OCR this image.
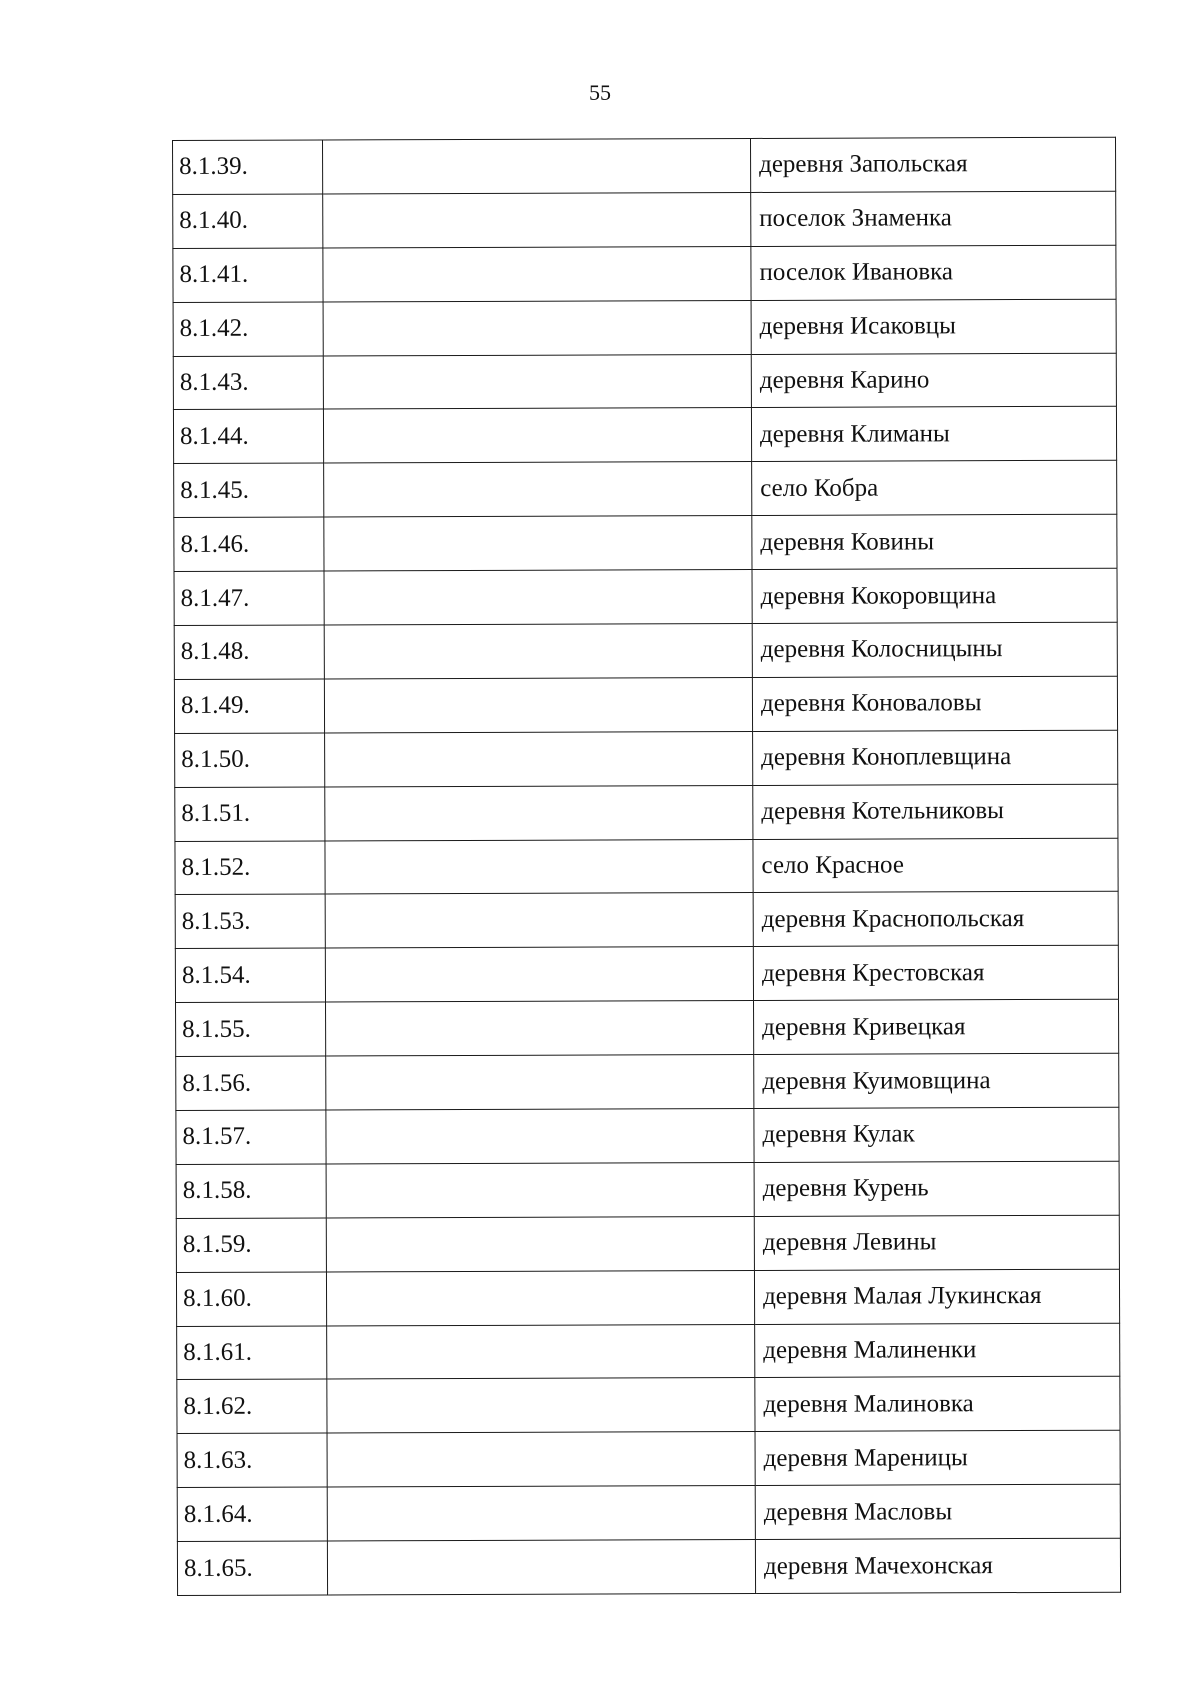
55
8.1.39.		деревня Запольская
8.1.40.		поселок Знаменка
8.1.41.		поселок Ивановка
8.1.42.		деревня Исаковцы
8.1.43.		деревня Карино
8.1.44.		деревня Климаны
8.1.45.		село Кобра
8.1.46.		деревня Ковины
8.1.47.		деревня Кокоровщина
8.1.48.		деревня Колосницыны
8.1.49.		деревня Коноваловы
8.1.50.		деревня Коноплевщина
8.1.51.		деревня Котельниковы
8.1.52.		село Красное
8.1.53.		деревня Краснопольская
8.1.54.		деревня Крестовская
8.1.55.		деревня Кривецкая
8.1.56.		деревня Куимовщина
8.1.57.		деревня Кулак
8.1.58.		деревня Курень
8.1.59.		деревня Левины
8.1.60.		деревня Малая Лукинская
8.1.61.		деревня Малиненки
8.1.62.		деревня Малиновка
8.1.63.		деревня Мареницы
8.1.64.		деревня Масловы
8.1.65.		деревня Мачехонская
